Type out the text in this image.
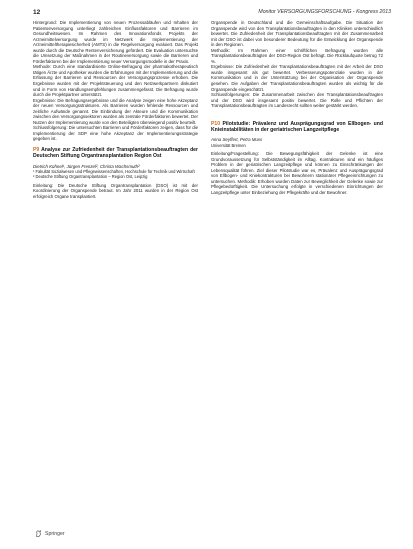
12	Monitor VERSORGUNGSFORSCHUNG - Kongress 2013

Hintergrund: Die Implementierung von neuen Prozessabläufen und Inhalten der Patientenversorgung unterliegt zahlreichen Einflussfaktoren und Barrieren im Gesundheitswesen. Im Rahmen des Innovationsfonds Projekts der Arzneimittelversorgung wurde im Netzwerk die Implementierung der Arzneimitteltherapiesicherheit (AMTS) in die Regelversorgung evaluiert. Das Projekt wurde durch die Deutsche Rentenversicherung gefördert. Die Evaluation untersuchte die Umsetzung der Maßnahmen in der Routineversorgung sowie die Barrieren und Förderfaktoren bei der Implementierung neuer Versorgungsmodelle in der Praxis.

Methode: Durch eine standardisierte Online-Befragung der pharmakotherapeutisch tätigen Ärzte und Apotheker wurden die Erfahrungen mit der Implementierung und die Erfassung der Barrieren und Ressourcen der Versorgungsprozesse erhoben. Die Ergebnisse wurden mit der Projektsteuerung und den Netzwerkpartnern diskutiert und in Form von Handlungsempfehlungen zusammengefasst. Die Befragung wurde durch die Projektpartner unterstützt.

Ergebnisse: Die Befragungsergebnisse und die Analyse zeigen eine hohe Akzeptanz der neuen Versorgungsstrukturen. Als Barrieren wurden fehlende Ressourcen und zeitliche Aufwände genannt. Die Einbindung der Akteure und die Kommunikation zwischen den Versorgungssektoren wurden als zentrale Förderfaktoren bewertet. Der Nutzen der Implementierung wurde von den Beteiligten überwiegend positiv beurteilt.

Schlussfolgerung: Die untersuchten Barrieren und Förderfaktoren zeigen, dass für die Implementierung der SDP eine hohe Akzeptanz der Implementierungsstrategie gegeben ist.

P9 Analyse zur Zufriedenheit der Transplantationsbeauftragten der Deutschen Stiftung Organtransplantation Region Ost
Dietrich Kühnel¹, Jürgen Frenzel², Christa Wachsmuth²
¹ Fakultät Sozialwesen und Pflegewissenschaften, Hochschule für Technik und Wirtschaft
² Deutsche Stiftung Organtransplantation – Region Ost, Leipzig

Einleitung: Die Deutsche Stiftung Organtransplantation (DSO) ist mit der Koordinierung der Organspende betraut. Im Jahr 2011 wurden in der Region Ost erfolgreich Organe transplantiert.

Organspende in Deutschland und die Gemeinschaftsaufgabe. Die Situation der Organspende wird von den Transplantationsbeauftragten in den Kliniken unterschiedlich bewertet. Die Zufriedenheit der Transplantationsbeauftragten mit der Zusammenarbeit mit der DSO ist dabei von besonderer Bedeutung für die Entwicklung der Organspende in den Regionen.

Methodik: Im Rahmen einer schriftlichen Befragung wurden alle Transplantationsbeauftragten der DSO-Region Ost befragt. Die Rücklaufquote betrug 72 %.

Ergebnisse: Die Zufriedenheit der Transplantationsbeauftragten mit der Arbeit der DSO wurde insgesamt als gut bewertet. Verbesserungspotenziale wurden in der Kommunikation und in der Unterstützung bei der Organisation der Organspende gesehen. Die Aufgaben der Transplantationsbeauftragten wurden als wichtig für die Organspende eingeschätzt.

Schlussfolgerungen: Die Zusammenarbeit zwischen den Transplantationsbeauftragten und der DSO wird insgesamt positiv bewertet. Die Rolle und Pflichten der Transplantationsbeauftragten im Landesrecht sollten weiter gestärkt werden.

P10 Pilotstudie: Prävalenz und Ausprägungsgrad von Ellbogen- und Knieinstabilitäten in der geriatrischen Langzeitpflege
Anna Seyffert, Petra Muss
Universität Bremen

Einleitung/Fragestellung: Die Bewegungsfähigkeit der Gelenke ist eine Grundvoraussetzung für Selbstständigkeit im Alltag. Kontrakturen sind ein häufiges Problem in der geriatrischen Langzeitpflege und können zu Einschränkungen der Lebensqualität führen. Ziel dieser Pilotstudie war es, Prävalenz und Ausprägungsgrad von Ellbogen- und Kniekontrakturen bei Bewohnern stationärer Pflegeeinrichtungen zu untersuchen. Methodik: Erhoben wurden Daten zur Beweglichkeit der Gelenke sowie zur Pflegebedürftigkeit. Die Untersuchung erfolgte in verschiedenen Einrichtungen der Langzeitpflege unter Einbeziehung der Pflegekräfte und der Bewohner.

Springer
